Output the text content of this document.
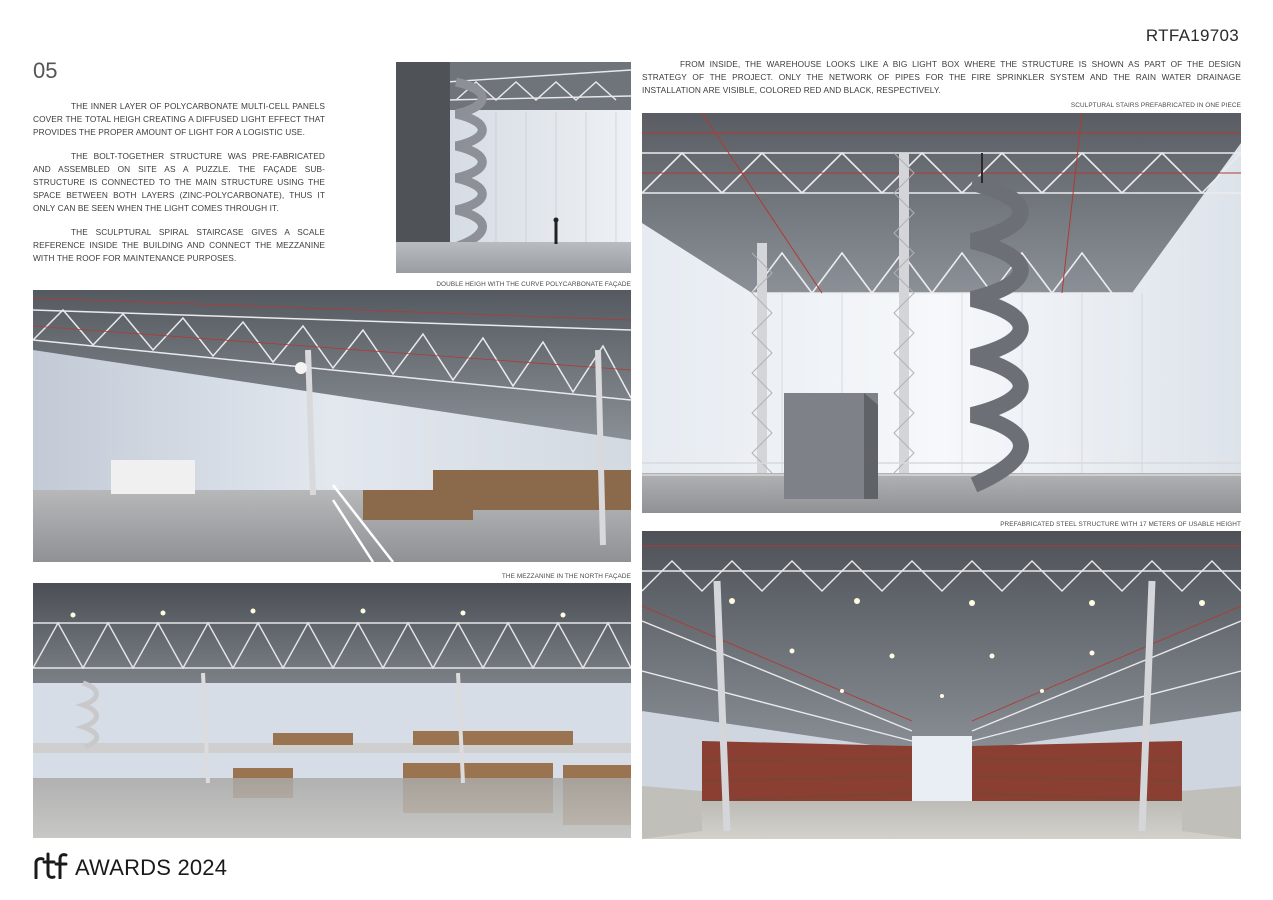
RTFA19703
05

THE INNER LAYER OF POLYCARBONATE MULTI-CELL PANELS COVER THE TOTAL HEIGH CREATING A DIFFUSED LIGHT EFFECT THAT PROVIDES THE PROPER AMOUNT OF LIGHT FOR A LOGISTIC USE.

THE BOLT-TOGETHER STRUCTURE WAS PRE-FABRICATED AND ASSEMBLED ON SITE AS A PUZZLE. THE FAÇADE SUB-STRUCTURE IS CONNECTED TO THE MAIN STRUCTURE USING THE SPACE BETWEEN BOTH LAYERS (ZINC-POLYCARBONATE), THUS IT ONLY CAN BE SEEN WHEN THE LIGHT COMES THROUGH IT.

THE SCULPTURAL SPIRAL STAIRCASE GIVES A SCALE REFERENCE INSIDE THE BUILDING AND CONNECT THE MEZZANINE WITH THE ROOF FOR MAINTENANCE PURPOSES.

FROM INSIDE, THE WAREHOUSE LOOKS LIKE A BIG LIGHT BOX WHERE THE STRUCTURE IS SHOWN AS PART OF THE DESIGN STRATEGY OF THE PROJECT. ONLY THE NETWORK OF PIPES FOR THE FIRE SPRINKLER SYSTEM AND THE RAIN WATER DRAINAGE INSTALLATION ARE VISIBLE, COLORED RED AND BLACK, RESPECTIVELY.

DOUBLE HEIGH WITH THE CURVE POLYCARBONATE FAÇADE
THE MEZZANINE IN THE NORTH FAÇADE
SCULPTURAL STAIRS PREFABRICATED IN ONE PIECE
PREFABRICATED STEEL STRUCTURE WITH 17 METERS OF USABLE HEIGHT
AWARDS 2024
